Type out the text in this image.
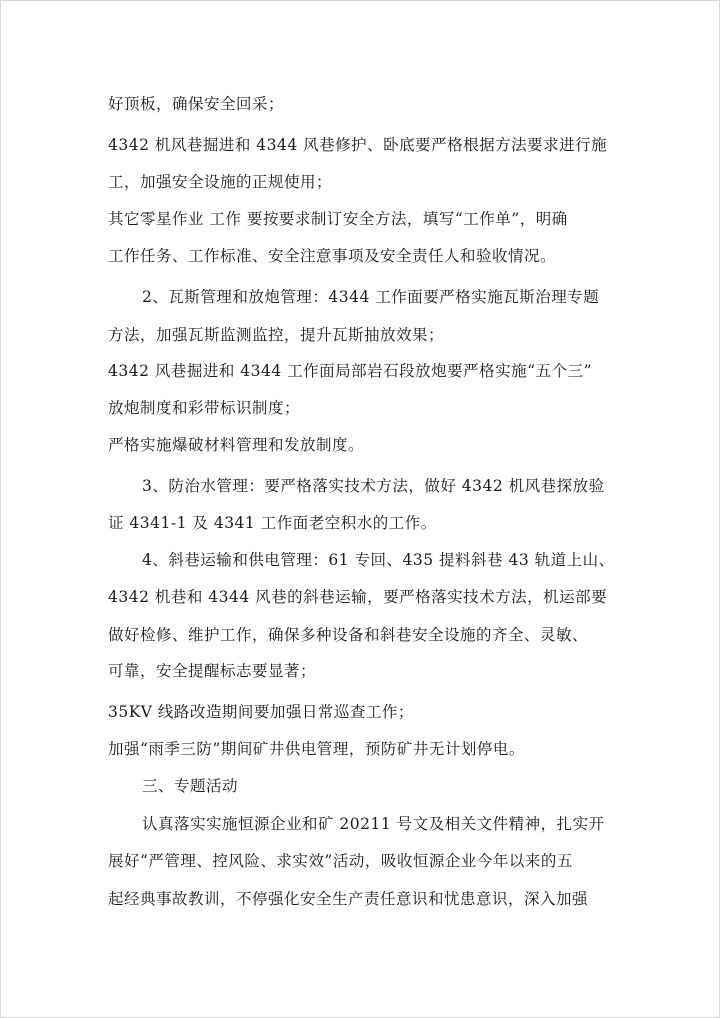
好顶板，确保安全回采；

4342 机风巷掘进和 4344 风巷修护、卧底要严格根据方法要求进行施

工，加强安全设施的正规使用；

其它零星作业 工作 要按要求制订安全方法，填写“工作单”，明确

工作任务、工作标准、安全注意事项及安全责任人和验收情况。

2、瓦斯管理和放炮管理：4344 工作面要严格实施瓦斯治理专题

方法，加强瓦斯监测监控，提升瓦斯抽放效果；

4342 风巷掘进和 4344 工作面局部岩石段放炮要严格实施“五个三”

放炮制度和彩带标识制度；

严格实施爆破材料管理和发放制度。

3、防治水管理：要严格落实技术方法，做好 4342 机风巷探放验

证 4341-1 及 4341 工作面老空积水的工作。

4、斜巷运输和供电管理：61 专回、435 提料斜巷 43 轨道上山、

4342 机巷和 4344 风巷的斜巷运输，要严格落实技术方法，机运部要

做好检修、维护工作，确保多种设备和斜巷安全设施的齐全、灵敏、

可靠，安全提醒标志要显著；

35KV 线路改造期间要加强日常巡查工作；

加强“雨季三防”期间矿井供电管理，预防矿井无计划停电。

三、专题活动

认真落实实施恒源企业和矿 20211 号文及相关文件精神，扎实开

展好“严管理、控风险、求实效”活动，吸收恒源企业今年以来的五

起经典事故教训，不停强化安全生产责任意识和忧患意识，深入加强
